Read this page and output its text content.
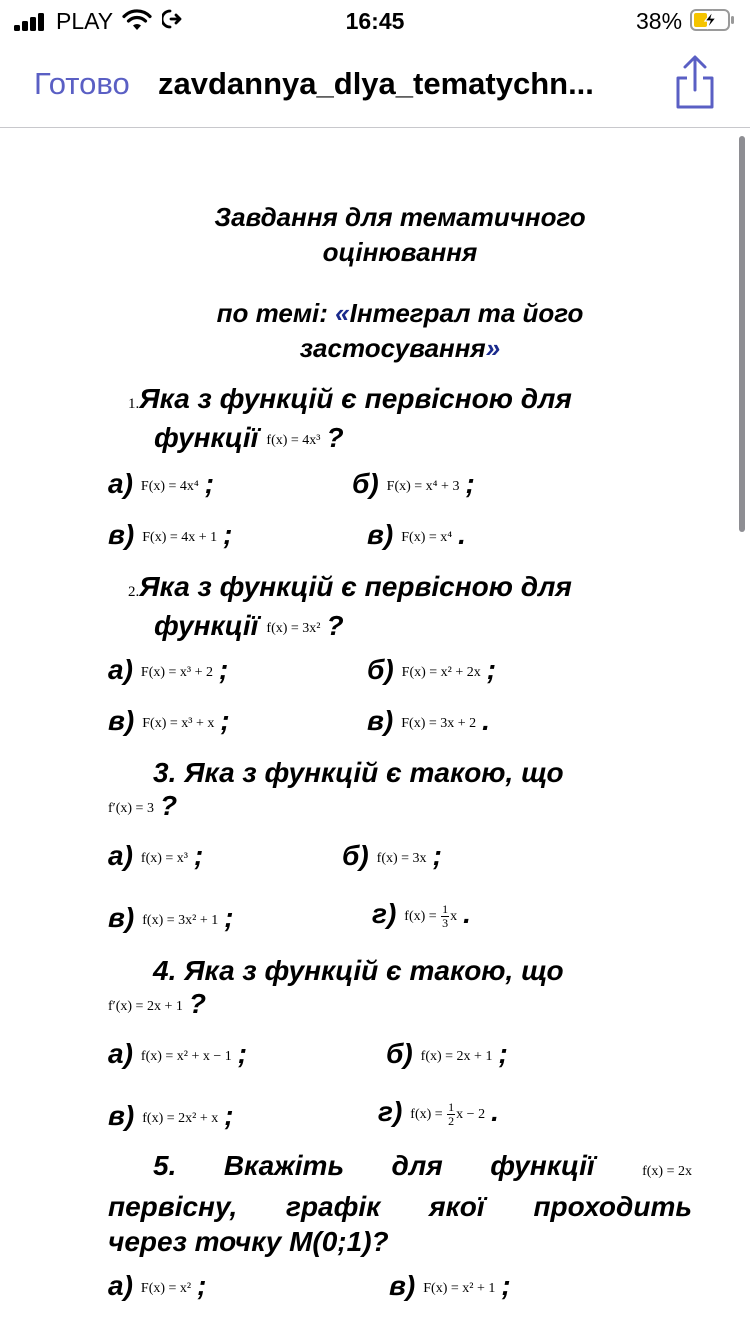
PLAY	16:45	38%
Готово zavdannya_dlya_tematychn...
Завдання для тематичного
оцінювання
по темі: «Інтеграл та його
застосування»
1.Яка з функцій є первісною для
функції f(x) = 4x³ ?
а) F(x) = 4x⁴ ;	б) F(x) = x⁴ + 3 ;
в) F(x) = 4x + 1 ;	в) F(x) = x⁴ .
2.Яка з функцій є первісною для
функції f(x) = 3x² ?
а) F(x) = x³ + 2 ;	б) F(x) = x² + 2x ;
в) F(x) = x³ + x ;	в) F(x) = 3x + 2 .
3. Яка з функцій є такою, що
f′(x) = 3 ?
а) f(x) = x³ ;	б) f(x) = 3x ;
в) f(x) = 3x² + 1 ;	г) $f(x) = \frac{1}{3}$ x .
4. Яка з функцій є такою, що
f′(x) = 2x + 1 ?
а) f(x) = x² + x − 1 ;	б) f(x) = 2x + 1 ;
в) f(x) = 2x² + x ;	г) $f(x) = \frac{1}{2}$ x − 2 .
5. Вкажіть для функції	f(x) = 2x
первісну, графік якої проходить
через точку М(0;1)?
а) F(x) = x² ;	в) F(x) = x² + 1 ;
